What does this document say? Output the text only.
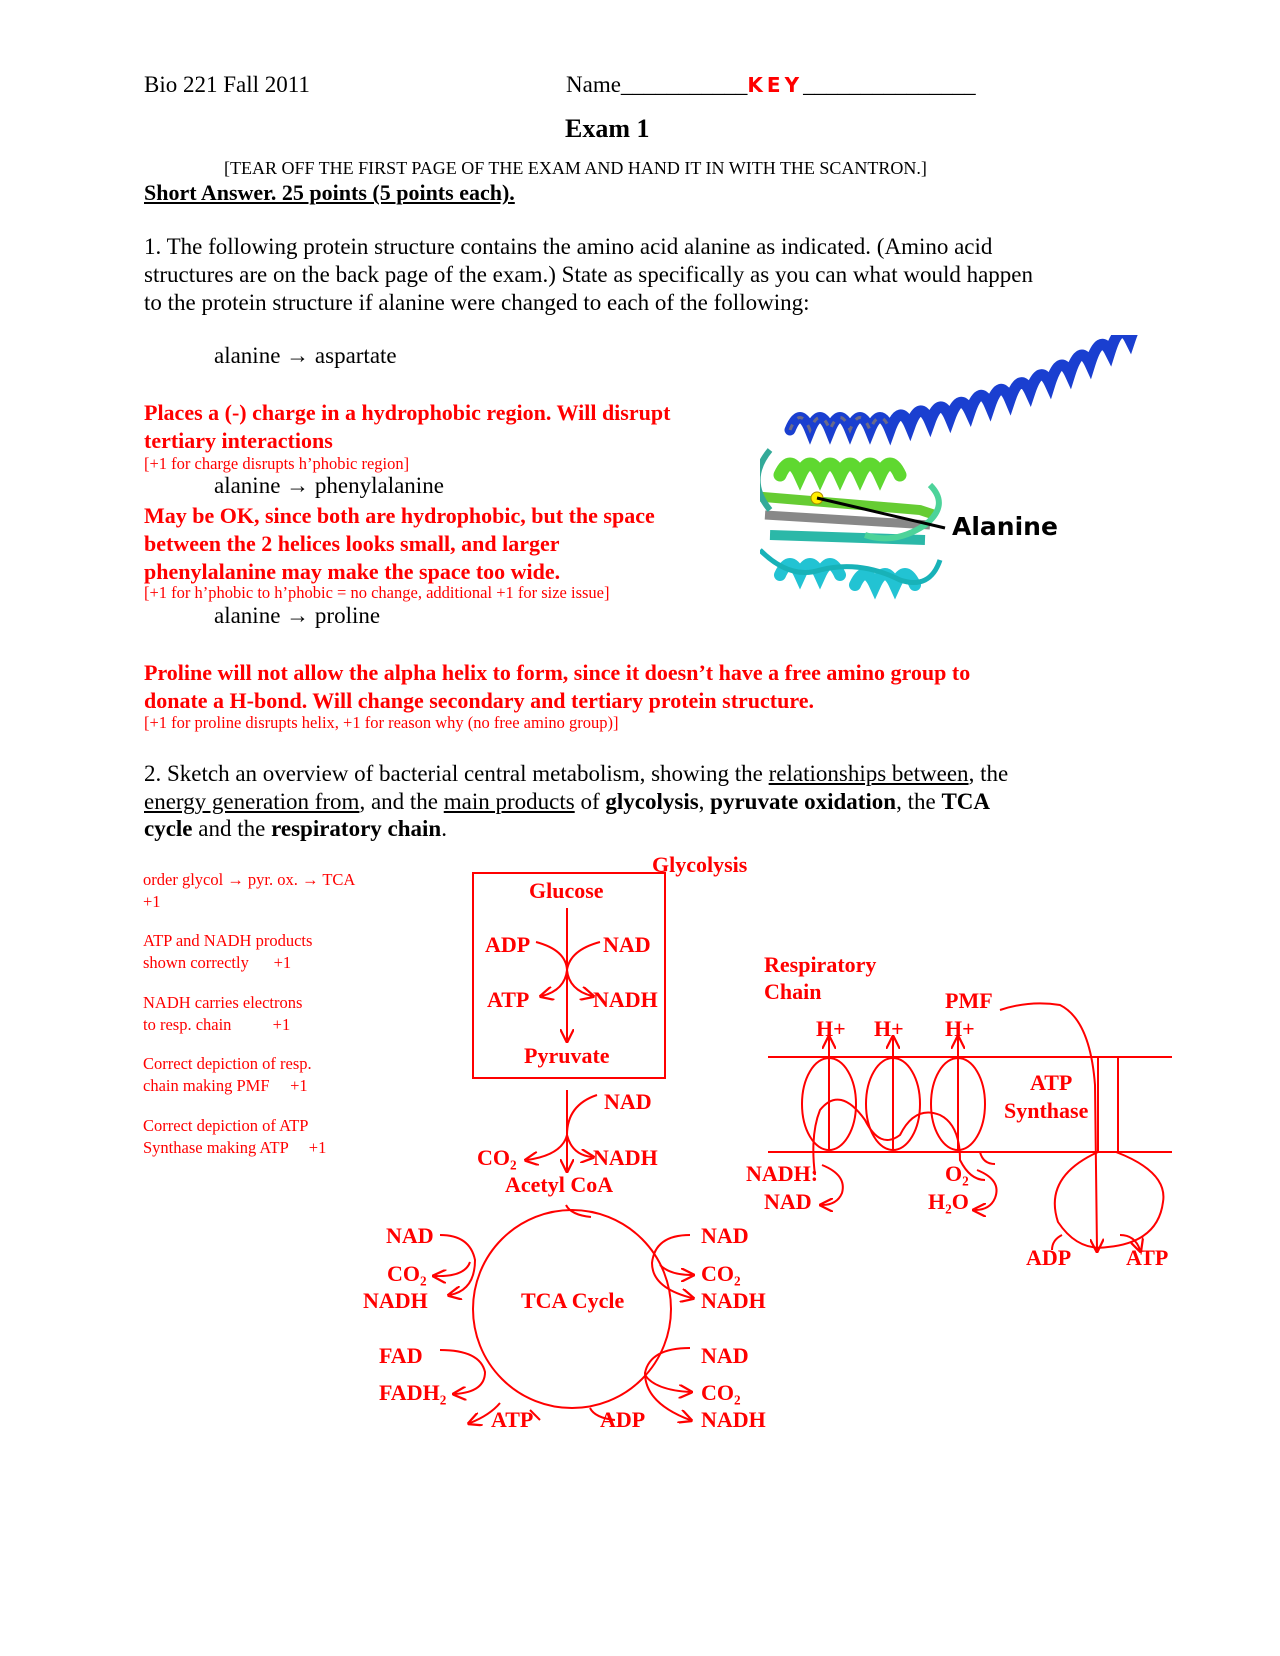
Bio 221 Fall 2011	Name___________KEY_______________
Exam 1
[TEAR OFF THE FIRST PAGE OF THE EXAM AND HAND IT IN WITH THE SCANTRON.]
Short Answer. 25 points (5 points each).
1. The following protein structure contains the amino acid alanine as indicated. (Amino acid
structures are on the back page of the exam.) State as specifically as you can what would happen
to the protein structure if alanine were changed to each of the following:
alanine → aspartate
Places a (-) charge in a hydrophobic region. Will disrupt
tertiary interactions
[+1 for charge disrupts h’phobic region]
alanine → phenylalanine
May be OK, since both are hydrophobic, but the space
between the 2 helices looks small, and larger
phenylalanine may make the space too wide.
[+1 for h’phobic to h’phobic = no change, additional +1 for size issue]
alanine → proline
Proline will not allow the alpha helix to form, since it doesn’t have a free amino group to
donate a H-bond. Will change secondary and tertiary protein structure.
[+1 for proline disrupts helix, +1 for reason why (no free amino group)]
Alanine
2. Sketch an overview of bacterial central metabolism, showing the relationships between, the
energy generation from, and the main products of glycolysis, pyruvate oxidation, the TCA
cycle and the respiratory chain.
order glycol → pyr. ox. → TCA
+1
ATP and NADH products
shown correctly      +1
NADH carries electrons
to resp. chain          +1
Correct depiction of resp.
chain making PMF     +1
Correct depiction of ATP
Synthase making ATP     +1
Glycolysis
Glucose
ADP	NAD
ATP	NADH
Pyruvate
NAD
CO₂	NADH
Acetyl CoA
TCA Cycle
NAD
CO₂
NADH
FAD
FADH₂
ATP	ADP
NAD
CO₂
NADH
NAD
CO₂
NADH
Respiratory
Chain	PMF
H+ H+ H+
ATP
Synthase
NADH:
NAD
O₂
H₂O
ADP ATP
